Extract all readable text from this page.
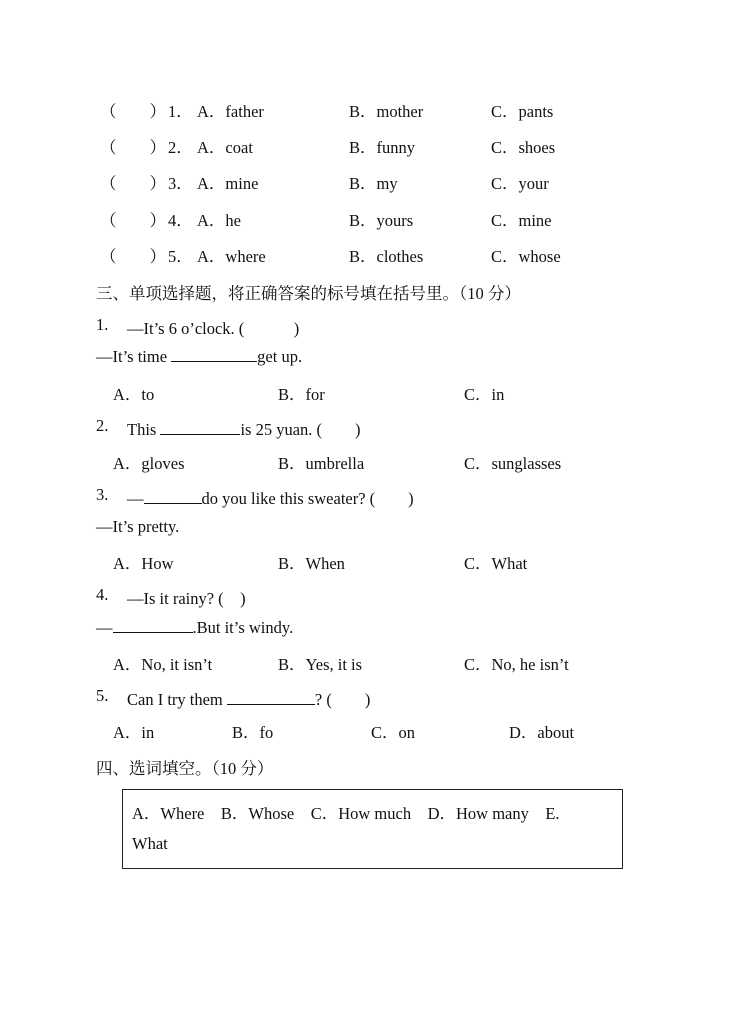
（　　） 1． A．father	B．mother	C．pants
（　　） 2． A．coat	B．funny	C．shoes
（　　） 3． A．mine	B．my	C．your
（　　） 4． A．he	B．yours	C．mine
（　　） 5． A．where	B．clothes	C．whose
三、单项选择题，将正确答案的标号填在括号里。（10 分）
1. —It’s 6 o’clock. (　　　)
—It’s time	get up.
A．to	B．for	C．in
2. This	is 25 yuan. (　　)
A．gloves	B．umbrella	C．sunglasses
3. —	do you like this sweater? (　　)
—It’s pretty.
A．How	B．When	C．What
4. —Is it rainy? (　)
—	.But it’s windy.
A．No, it isn’t	B．Yes, it is	C．No, he isn’t
5. Can I try them	? (　　)
A．in	B．fo	C．on	D．about
四、选词填空。（10 分）
A．Where　B．Whose　C．How much　D．How many　E.
What
